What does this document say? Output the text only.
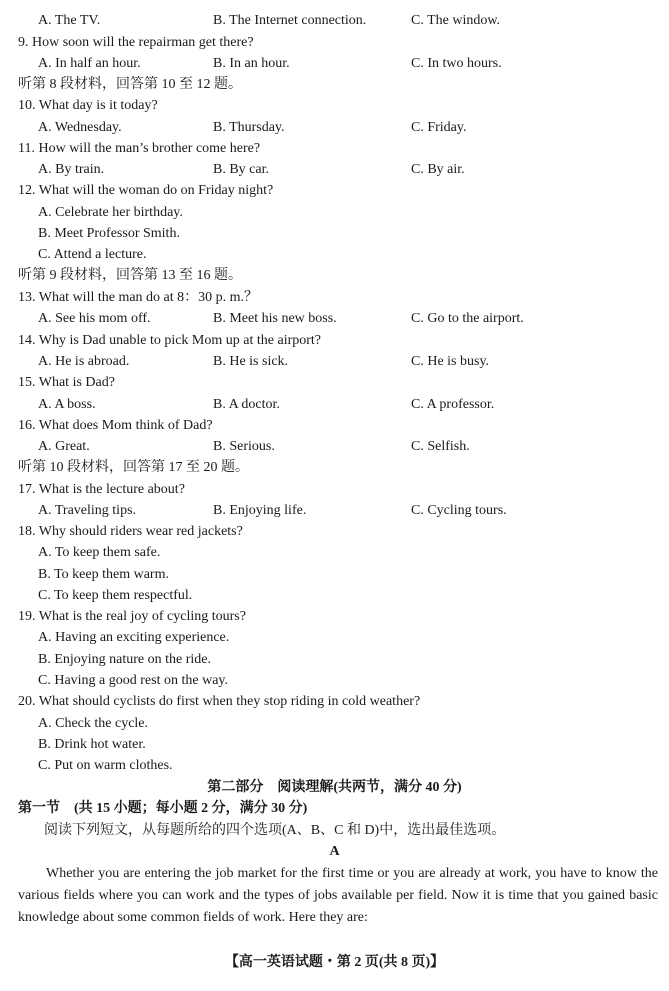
A. The TV.	B. The Internet connection.	C. The window.
9. How soon will the repairman get there?
A. In half an hour.	B. In an hour.	C. In two hours.
听第 8 段材料，回答第 10 至 12 题。
10. What day is it today?
A. Wednesday.	B. Thursday.	C. Friday.
11. How will the man’s brother come here?
A. By train.	B. By car.	C. By air.
12. What will the woman do on Friday night?
A. Celebrate her birthday.
B. Meet Professor Smith.
C. Attend a lecture.
听第 9 段材料，回答第 13 至 16 题。
13. What will the man do at 8：30 p. m.？
A. See his mom off.	B. Meet his new boss.	C. Go to the airport.
14. Why is Dad unable to pick Mom up at the airport?
A. He is abroad.	B. He is sick.	C. He is busy.
15. What is Dad?
A. A boss.	B. A doctor.	C. A professor.
16. What does Mom think of Dad?
A. Great.	B. Serious.	C. Selfish.
听第 10 段材料，回答第 17 至 20 题。
17. What is the lecture about?
A. Traveling tips.	B. Enjoying life.	C. Cycling tours.
18. Why should riders wear red jackets?
A. To keep them safe.
B. To keep them warm.
C. To keep them respectful.
19. What is the real joy of cycling tours?
A. Having an exciting experience.
B. Enjoying nature on the ride.
C. Having a good rest on the way.
20. What should cyclists do first when they stop riding in cold weather?
A. Check the cycle.
B. Drink hot water.
C. Put on warm clothes.
第二部分　阅读理解(共两节，满分 40 分)
第一节　(共 15 小题；每小题 2 分，满分 30 分)
阅读下列短文，从每题所给的四个选项(A、B、C 和 D)中，选出最佳选项。
A
Whether you are entering the job market for the first time or you are already at work, you have to know the various fields where you can work and the types of jobs available per field. Now it is time that you gained basic knowledge about some common fields of work. Here they are:
【高一英语试题・第 2 页(共 8 页)】
